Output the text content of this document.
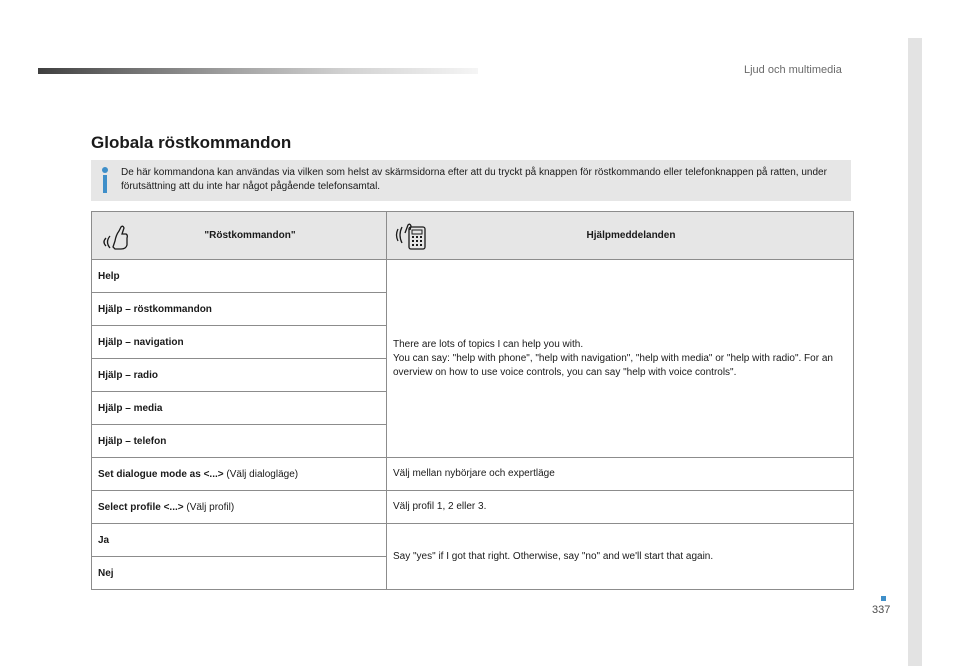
Ljud och multimedia
337
Globala röstkommandon
De här kommandona kan användas via vilken som helst av skärmsidorna efter att du tryckt på knappen för röstkommando eller telefonknappen på ratten, under förutsättning att du inte har något pågående telefonsamtal.
"Röstkommandon"	Hjälpmeddelanden

Help	There are lots of topics I can help you with.
You can say: "help with phone", "help with navigation", "help with media" or "help with radio". For an overview on how to use voice controls, you can say "help with voice controls".
Hjälp – röstkommandon	
Hjälp – navigation	
Hjälp – radio	
Hjälp – media	
Hjälp – telefon	
Set dialogue mode as <...> (Välj dialogläge)	Välj mellan nybörjare och expertläge
Select profile <...> (Välj profil)	Välj profil 1, 2 eller 3.
Ja	Say "yes" if I got that right. Otherwise, say "no" and we'll start that again.
Nej	
